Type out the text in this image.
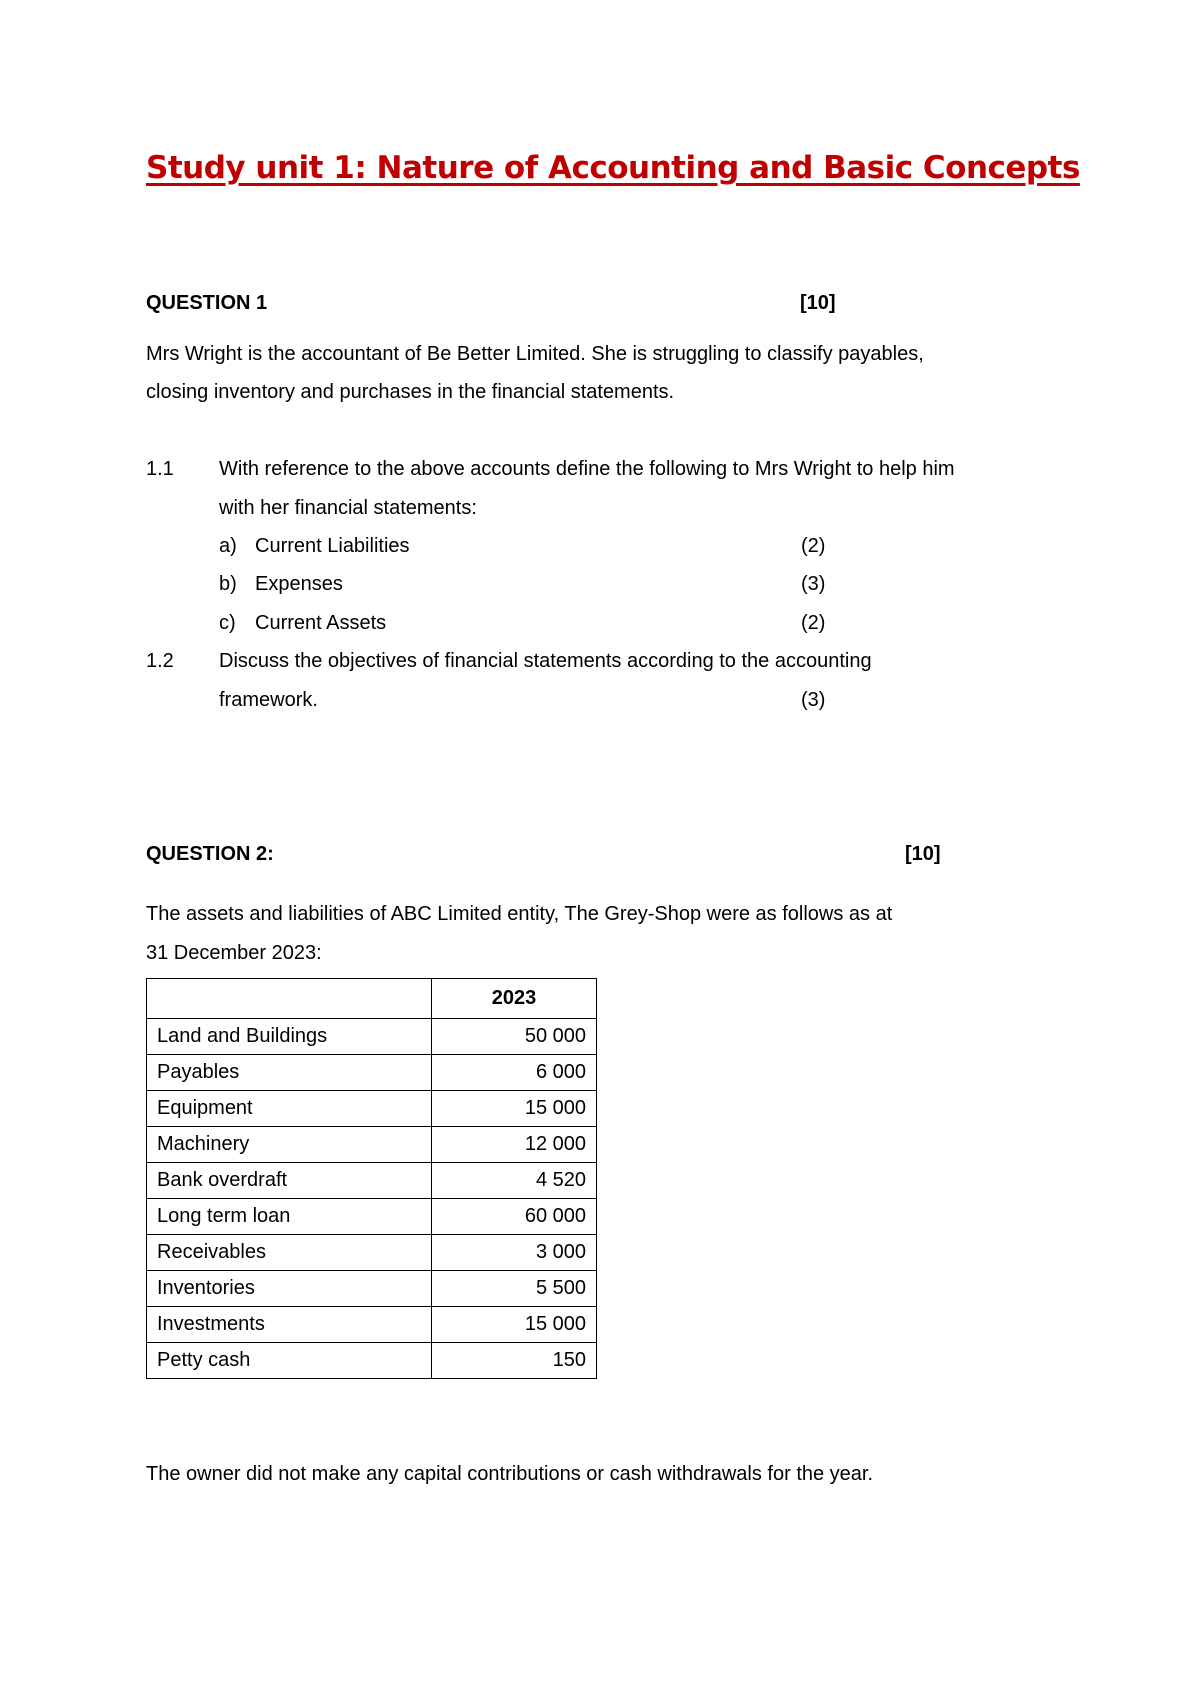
Study unit 1: Nature of Accounting and Basic Concepts
QUESTION 1	[10]
Mrs Wright is the accountant of Be Better Limited. She is struggling to classify payables,
closing inventory and purchases in the financial statements.
1.1 With reference to the above accounts define the following to Mrs Wright to help him
with her financial statements:
a) Current Liabilities	(2)
b) Expenses	(3)
c) Current Assets	(2)
1.2 Discuss the objectives of financial statements according to the accounting
framework.	(3)
QUESTION 2:	[10]
The assets and liabilities of ABC Limited entity, The Grey-Shop were as follows as at
31 December 2023:
	2023
Land and Buildings	50 000
Payables	6 000
Equipment	15 000
Machinery	12 000
Bank overdraft	4 520
Long term loan	60 000
Receivables	3 000
Inventories	5 500
Investments	15 000
Petty cash	150
The owner did not make any capital contributions or cash withdrawals for the year.
